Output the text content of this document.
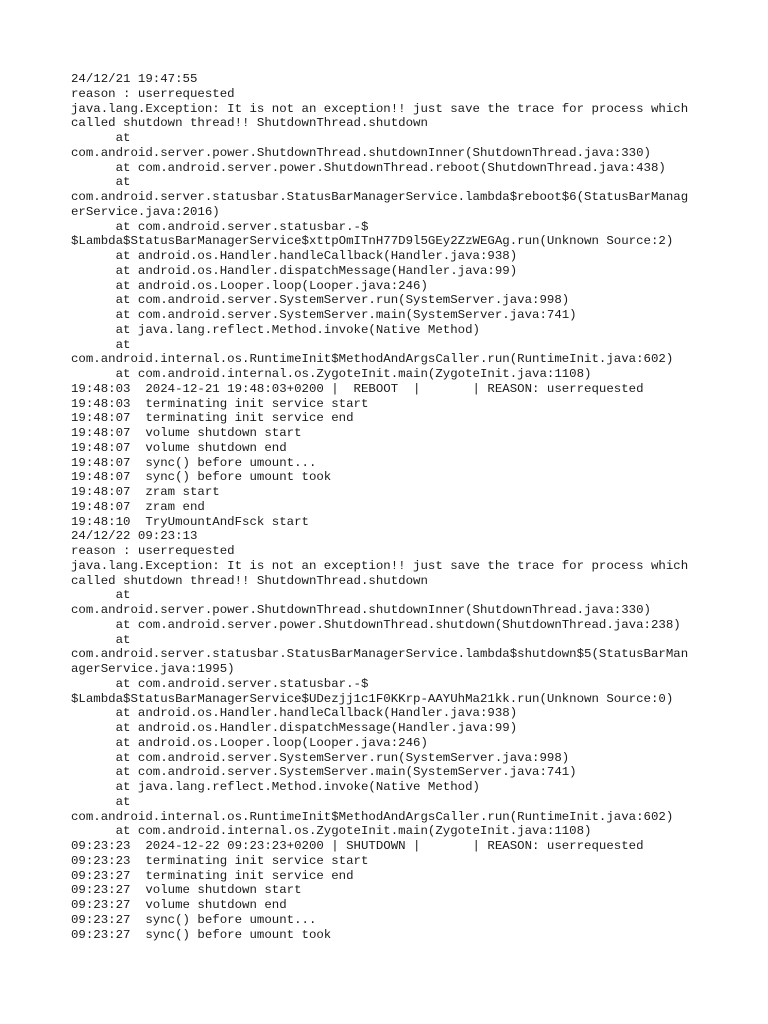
24/12/21 19:47:55
reason : userrequested
java.lang.Exception: It is not an exception!! just save the trace for process which
called shutdown thread!! ShutdownThread.shutdown
at
com.android.server.power.ShutdownThread.shutdownInner(ShutdownThread.java:330)
at com.android.server.power.ShutdownThread.reboot(ShutdownThread.java:438)
at
com.android.server.statusbar.StatusBarManagerService.lambda$reboot$6(StatusBarManag
erService.java:2016)
at com.android.server.statusbar.-$
$Lambda$StatusBarManagerService$xttpOmITnH77D9l5GEy2ZzWEGAg.run(Unknown Source:2)
at android.os.Handler.handleCallback(Handler.java:938)
at android.os.Handler.dispatchMessage(Handler.java:99)
at android.os.Looper.loop(Looper.java:246)
at com.android.server.SystemServer.run(SystemServer.java:998)
at com.android.server.SystemServer.main(SystemServer.java:741)
at java.lang.reflect.Method.invoke(Native Method)
at
com.android.internal.os.RuntimeInit$MethodAndArgsCaller.run(RuntimeInit.java:602)
at com.android.internal.os.ZygoteInit.main(ZygoteInit.java:1108)
19:48:03  2024-12-21 19:48:03+0200 |  REBOOT  |       | REASON: userrequested
19:48:03  terminating init service start
19:48:07  terminating init service end
19:48:07  volume shutdown start
19:48:07  volume shutdown end
19:48:07  sync() before umount...
19:48:07  sync() before umount took
19:48:07  zram start
19:48:07  zram end
19:48:10  TryUmountAndFsck start
24/12/22 09:23:13
reason : userrequested
java.lang.Exception: It is not an exception!! just save the trace for process which
called shutdown thread!! ShutdownThread.shutdown
at
com.android.server.power.ShutdownThread.shutdownInner(ShutdownThread.java:330)
at com.android.server.power.ShutdownThread.shutdown(ShutdownThread.java:238)
at
com.android.server.statusbar.StatusBarManagerService.lambda$shutdown$5(StatusBarMan
agerService.java:1995)
at com.android.server.statusbar.-$
$Lambda$StatusBarManagerService$UDezjj1c1F0KKrp-AAYUhMa21kk.run(Unknown Source:0)
at android.os.Handler.handleCallback(Handler.java:938)
at android.os.Handler.dispatchMessage(Handler.java:99)
at android.os.Looper.loop(Looper.java:246)
at com.android.server.SystemServer.run(SystemServer.java:998)
at com.android.server.SystemServer.main(SystemServer.java:741)
at java.lang.reflect.Method.invoke(Native Method)
at
com.android.internal.os.RuntimeInit$MethodAndArgsCaller.run(RuntimeInit.java:602)
at com.android.internal.os.ZygoteInit.main(ZygoteInit.java:1108)
09:23:23  2024-12-22 09:23:23+0200 | SHUTDOWN |       | REASON: userrequested
09:23:23  terminating init service start
09:23:27  terminating init service end
09:23:27  volume shutdown start
09:23:27  volume shutdown end
09:23:27  sync() before umount...
09:23:27  sync() before umount took
